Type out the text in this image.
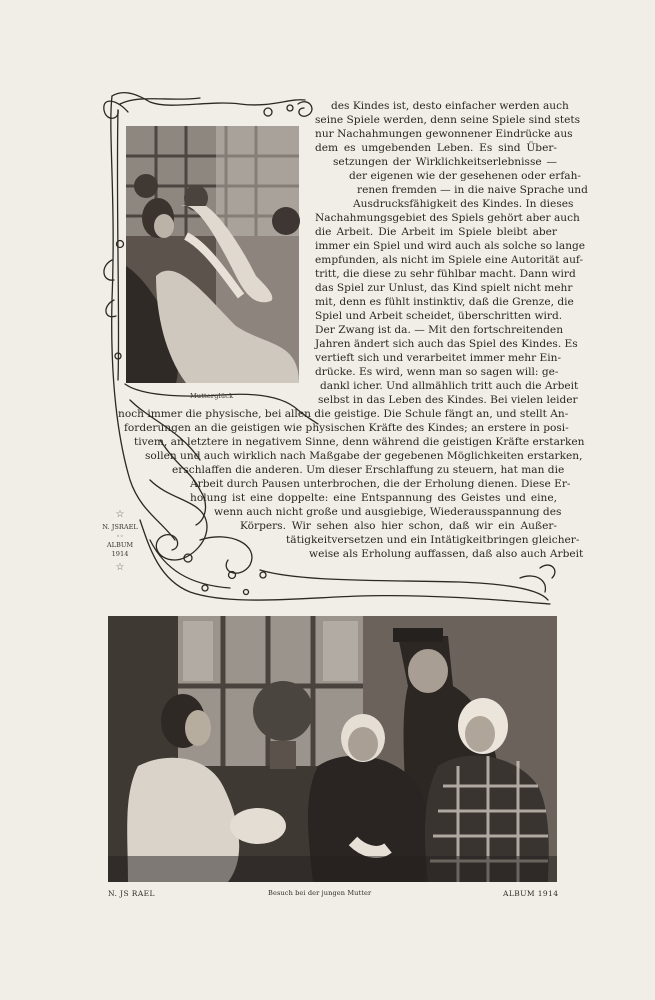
Mutterglück
des Kindes ist, desto einfacher werden auch
seine Spiele werden, denn seine Spiele sind stets
nur Nachahmungen gewonnener Eindrücke aus
dem es umgebenden Leben. Es sind Über-
setzungen der Wirklichkeitserlebnisse —
der eigenen wie der gesehenen oder erfah-
renen fremden — in die naive Sprache und
Ausdrucksfähigkeit des Kindes. In dieses
Nachahmungsgebiet des Spiels gehört aber auch
die Arbeit. Die Arbeit im Spiele bleibt aber
immer ein Spiel und wird auch als solche so lange
empfunden, als nicht im Spiele eine Autorität auf-
tritt, die diese zu sehr fühlbar macht. Dann wird
das Spiel zur Unlust, das Kind spielt nicht mehr
mit, denn es fühlt instinktiv, daß die Grenze, die
Spiel und Arbeit scheidet, überschritten wird.
Der Zwang ist da. — Mit den fortschreitenden
Jahren ändert sich auch das Spiel des Kindes. Es
vertieft sich und verarbeitet immer mehr Ein-
drücke. Es wird, wenn man so sagen will: ge-
dankl icher. Und allmählich tritt auch die Arbeit
selbst in das Leben des Kindes. Bei vielen leider
noch immer die physische, bei allen die geistige. Die Schule fängt an, und stellt An-
forderungen an die geistigen wie physischen Kräfte des Kindes; an erstere in posi-
tivem, an letztere in negativem Sinne, denn während die geistigen Kräfte erstarken
sollen und auch wirklich nach Maßgabe der gegebenen Möglichkeiten erstarken,
erschlaffen die anderen. Um dieser Erschlaffung zu steuern, hat man die
Arbeit durch Pausen unterbrochen, die der Erholung dienen. Diese Er-
holung ist eine doppelte: eine Entspannung des Geistes und eine,
wenn auch nicht große und ausgiebige, Wiederausspannung des
Körpers. Wir sehen also hier schon, daß wir ein Außer-
tätigkeitversetzen und ein Intätigkeitbringen gleicher-
weise als Erholung auffassen, daß also auch Arbeit
☆
N. JSRAEL
◦◦
ALBUM
1914
☆
N. JS RAEL	Besuch bei der jungen Mutter	ALBUM 1914
